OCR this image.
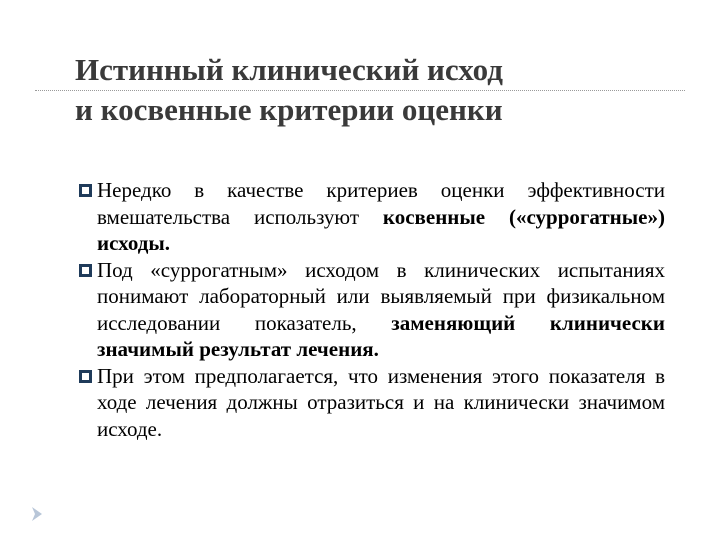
Истинный клинический исход
и косвенные критерии оценки
Нередко в качестве критериев оценки эффективности вмешательства используют косвенные («суррогатные») исходы.
Под «суррогатным» исходом в клинических испытаниях понимают лабораторный или выявляемый при физикальном исследовании показатель, заменяющий клинически значимый результат лечения.
При этом предполагается, что изменения этого показателя в ходе лечения должны отразиться и на клинически значимом исходе.
